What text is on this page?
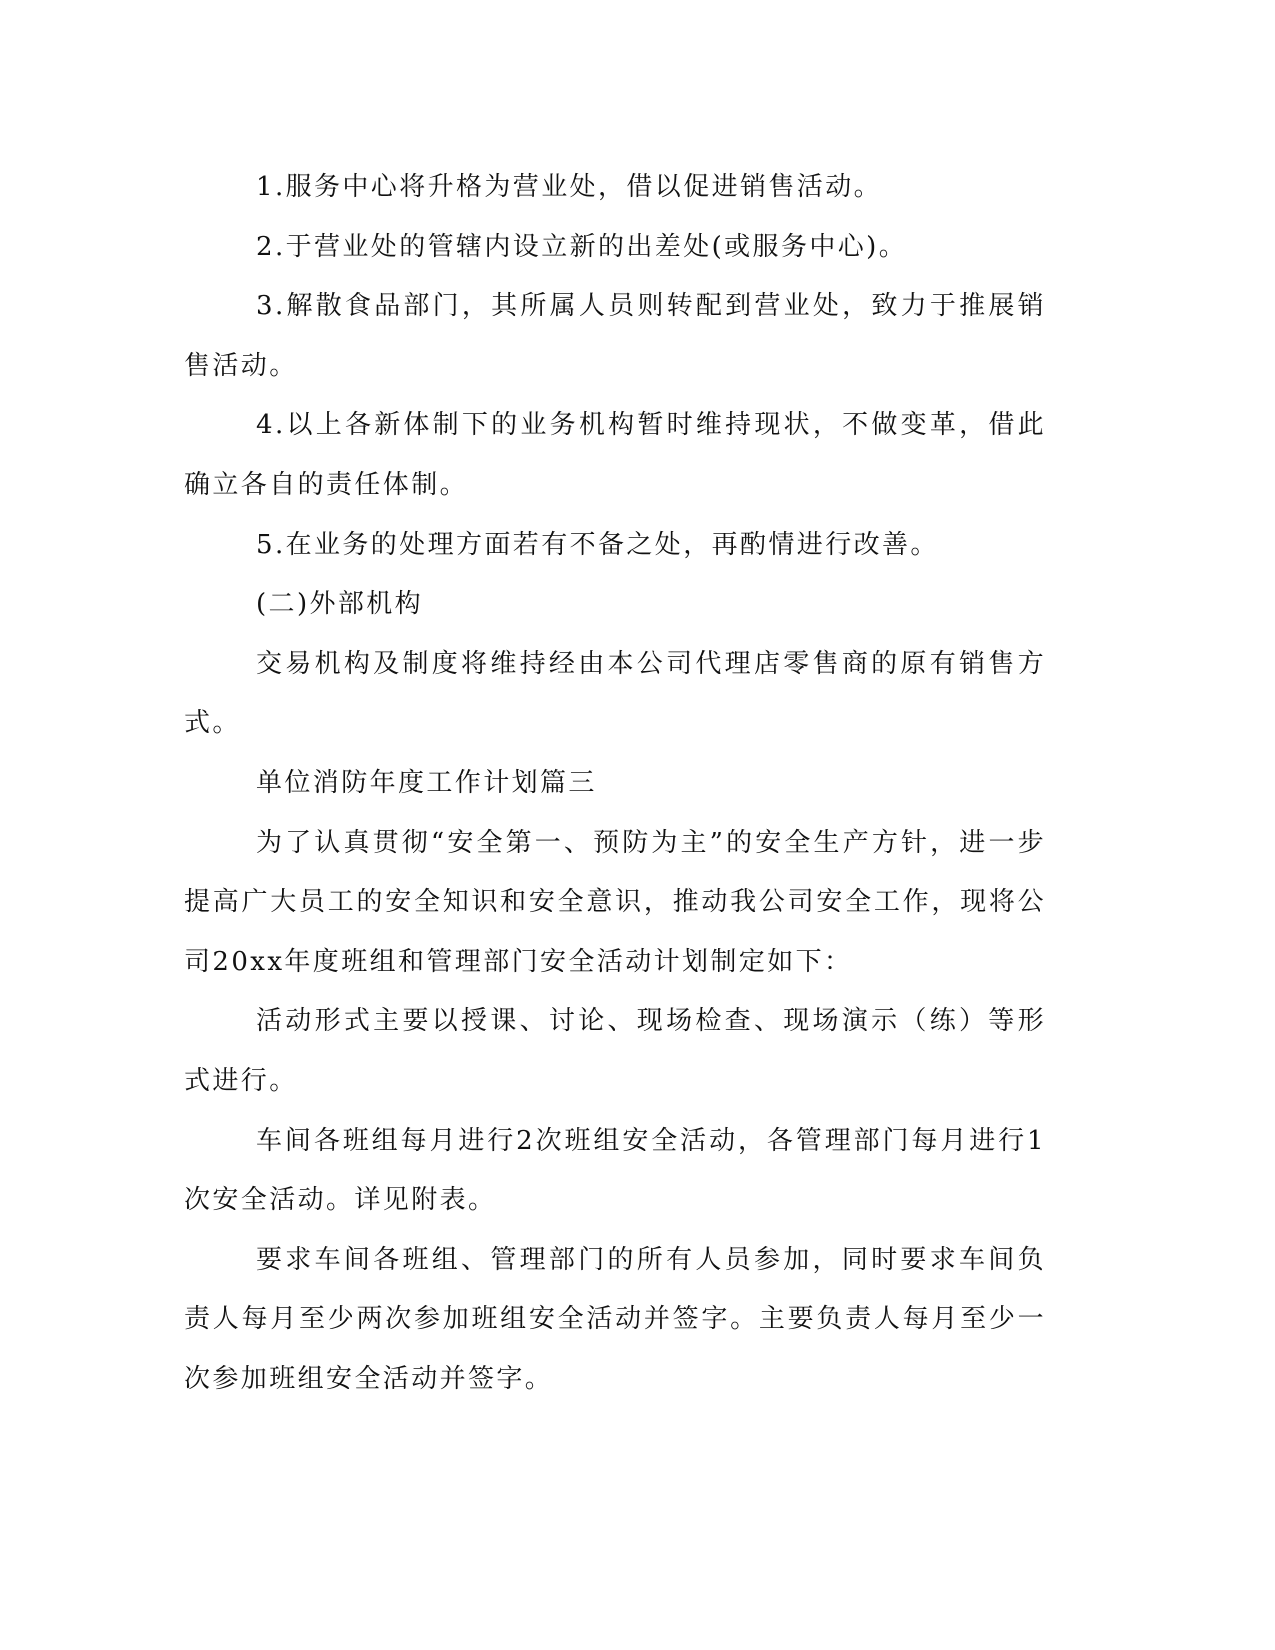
1.服务中心将升格为营业处，借以促进销售活动。

2.于营业处的管辖内设立新的出差处(或服务中心)。

3.解散食品部门，其所属人员则转配到营业处，致力于推展销售活动。

4.以上各新体制下的业务机构暂时维持现状，不做变革，借此确立各自的责任体制。

5.在业务的处理方面若有不备之处，再酌情进行改善。

(二)外部机构

交易机构及制度将维持经由本公司代理店零售商的原有销售方式。

单位消防年度工作计划篇三

为了认真贯彻“安全第一、预防为主”的安全生产方针，进一步提高广大员工的安全知识和安全意识，推动我公司安全工作，现将公司20xx年度班组和管理部门安全活动计划制定如下：

活动形式主要以授课、讨论、现场检查、现场演示（练）等形式进行。

车间各班组每月进行2次班组安全活动，各管理部门每月进行1次安全活动。详见附表。

要求车间各班组、管理部门的所有人员参加，同时要求车间负责人每月至少两次参加班组安全活动并签字。主要负责人每月至少一次参加班组安全活动并签字。
